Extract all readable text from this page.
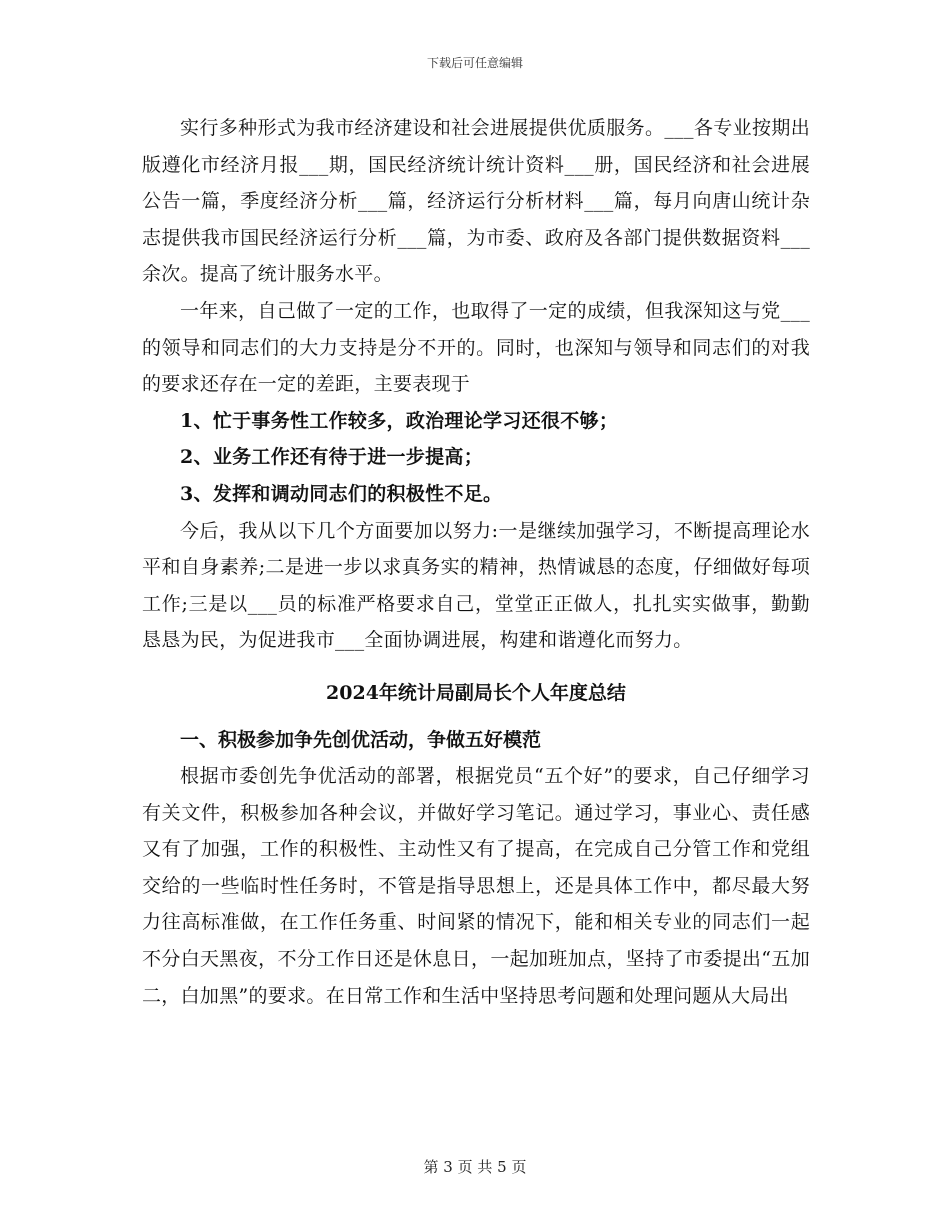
下载后可任意编辑

实行多种形式为我市经济建设和社会进展提供优质服务。___各专业按期出版遵化市经济月报___期，国民经济统计统计资料___册，国民经济和社会进展公告一篇，季度经济分析___篇，经济运行分析材料___篇，每月向唐山统计杂志提供我市国民经济运行分析___篇，为市委、政府及各部门提供数据资料___余次。提高了统计服务水平。

一年来，自己做了一定的工作，也取得了一定的成绩，但我深知这与党___的领导和同志们的大力支持是分不开的。同时，也深知与领导和同志们的对我的要求还存在一定的差距，主要表现于

1、忙于事务性工作较多，政治理论学习还很不够；

2、业务工作还有待于进一步提高；

3、发挥和调动同志们的积极性不足。

今后，我从以下几个方面要加以努力:一是继续加强学习，不断提高理论水平和自身素养;二是进一步以求真务实的精神，热情诚恳的态度，仔细做好每项工作;三是以___员的标准严格要求自己，堂堂正正做人，扎扎实实做事，勤勤恳恳为民，为促进我市___全面协调进展，构建和谐遵化而努力。

2024年统计局副局长个人年度总结

一、积极参加争先创优活动，争做五好模范

根据市委创先争优活动的部署，根据党员“五个好”的要求，自己仔细学习有关文件，积极参加各种会议，并做好学习笔记。通过学习，事业心、责任感又有了加强，工作的积极性、主动性又有了提高，在完成自己分管工作和党组交给的一些临时性任务时，不管是指导思想上，还是具体工作中，都尽最大努力往高标准做，在工作任务重、时间紧的情况下，能和相关专业的同志们一起不分白天黑夜，不分工作日还是休息日，一起加班加点，坚持了市委提出“五加二，白加黑”的要求。在日常工作和生活中坚持思考问题和处理问题从大局出

第 3 页 共 5 页
